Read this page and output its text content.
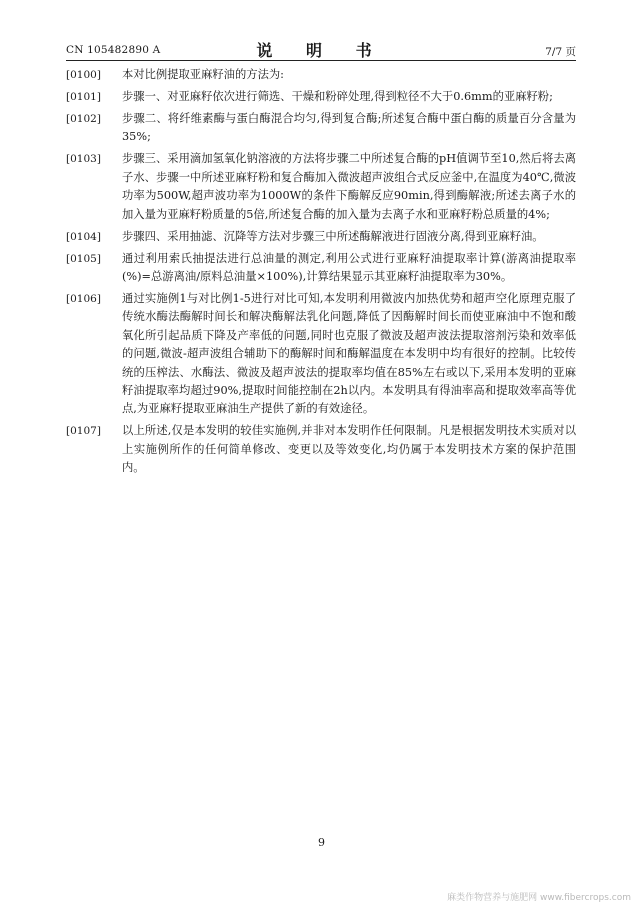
CN 105482890 A	说 明 书	7/7 页
[0100] 本对比例提取亚麻籽油的方法为:
[0101] 步骤一、对亚麻籽依次进行筛选、干燥和粉碎处理,得到粒径不大于0.6mm的亚麻籽粉;
[0102] 步骤二、将纤维素酶与蛋白酶混合均匀,得到复合酶;所述复合酶中蛋白酶的质量百分含量为35%;
[0103] 步骤三、采用滴加氢氧化钠溶液的方法将步骤二中所述复合酶的pH值调节至10,然后将去离子水、步骤一中所述亚麻籽粉和复合酶加入微波超声波组合式反应釜中,在温度为40℃,微波功率为500W,超声波功率为1000W的条件下酶解反应90min,得到酶解液;所述去离子水的加入量为亚麻籽粉质量的5倍,所述复合酶的加入量为去离子水和亚麻籽粉总质量的4%;
[0104] 步骤四、采用抽滤、沉降等方法对步骤三中所述酶解液进行固液分离,得到亚麻籽油。
[0105] 通过利用索氏抽提法进行总油量的测定,利用公式进行亚麻籽油提取率计算(游离油提取率(%)=总游离油/原料总油量×100%),计算结果显示其亚麻籽油提取率为30%。
[0106] 通过实施例1与对比例1-5进行对比可知,本发明利用微波内加热优势和超声空化原理克服了传统水酶法酶解时间长和解决酶解法乳化问题,降低了因酶解时间长而使亚麻油中不饱和酸氧化所引起品质下降及产率低的问题,同时也克服了微波及超声波法提取溶剂污染和效率低的问题,微波-超声波组合辅助下的酶解时间和酶解温度在本发明中均有很好的控制。比较传统的压榨法、水酶法、微波及超声波法的提取率均值在85%左右或以下,采用本发明的亚麻籽油提取率均超过90%,提取时间能控制在2h以内。本发明具有得油率高和提取效率高等优点,为亚麻籽提取亚麻油生产提供了新的有效途径。
[0107] 以上所述,仅是本发明的较佳实施例,并非对本发明作任何限制。凡是根据发明技术实质对以上实施例所作的任何简单修改、变更以及等效变化,均仍属于本发明技术方案的保护范围内。
9
麻类作物营养与施肥网 www.fibercrops.com
